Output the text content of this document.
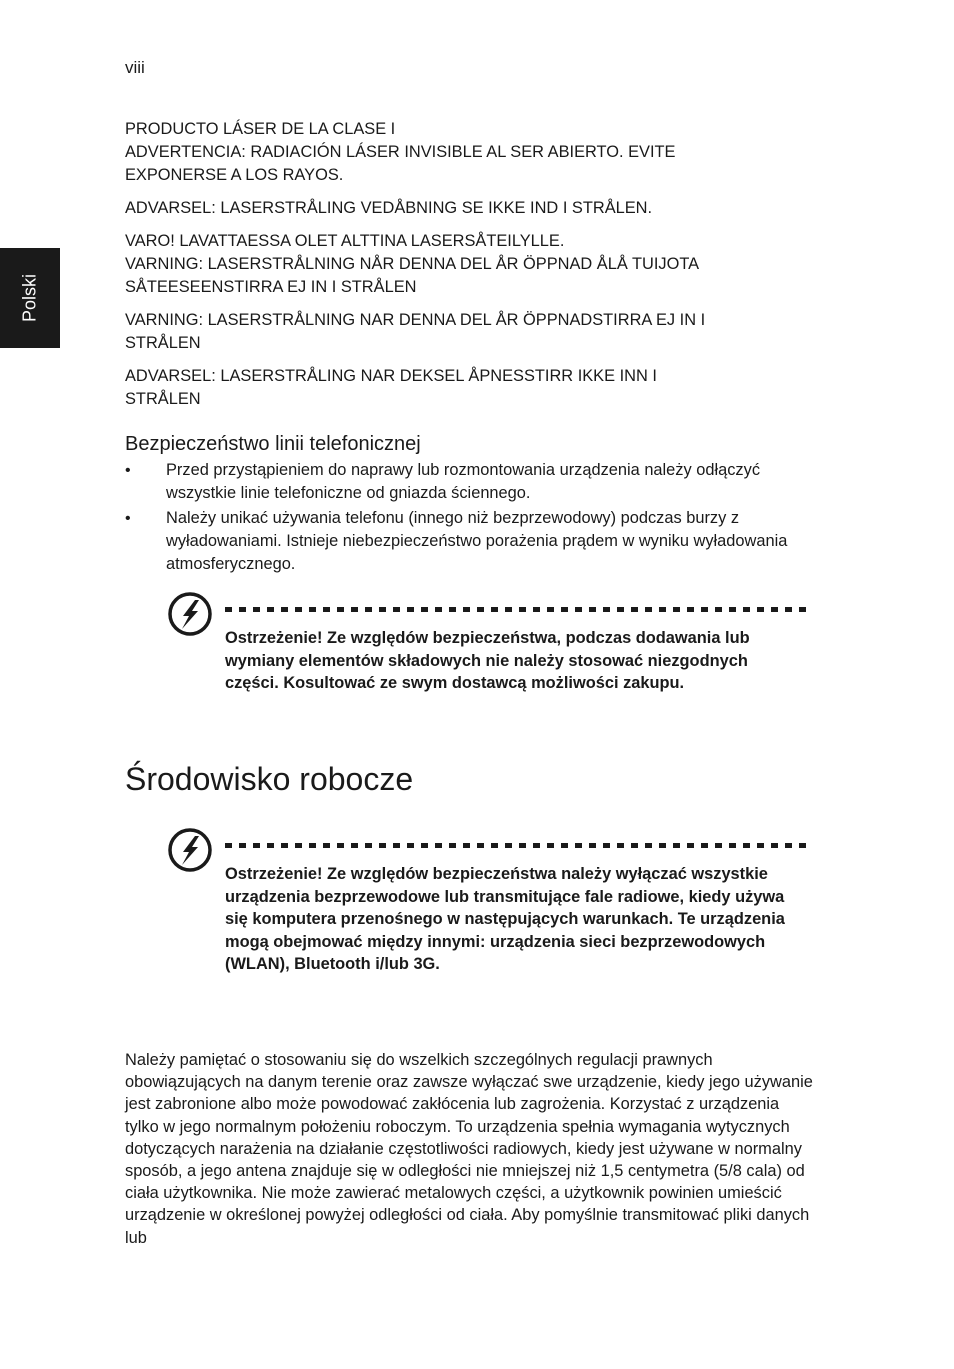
viii
Polski
PRODUCTO LÁSER DE LA CLASE I
ADVERTENCIA: RADIACIÓN LÁSER INVISIBLE AL SER ABIERTO. EVITE
EXPONERSE A LOS RAYOS.
ADVARSEL: LASERSTRÅLING VEDÅBNING SE IKKE IND I STRÅLEN.
VARO! LAVATTAESSA OLET ALTTINA LASERSÅTEILYLLE.
VARNING: LASERSTRÅLNING NÅR DENNA DEL ÅR ÖPPNAD ÅLÅ TUIJOTA
SÅTEESEENSTIRRA EJ IN I STRÅLEN
VARNING: LASERSTRÅLNING NAR DENNA DEL ÅR ÖPPNADSTIRRA EJ IN I
STRÅLEN
ADVARSEL: LASERSTRÅLING NAR DEKSEL ÅPNESSTIRR IKKE INN I
STRÅLEN
Bezpieczeństwo linii telefonicznej
• Przed przystąpieniem do naprawy lub rozmontowania urządzenia należy odłączyć wszystkie linie telefoniczne od gniazda ściennego.
• Należy unikać używania telefonu (innego niż bezprzewodowy) podczas burzy z wyładowaniami. Istnieje niebezpieczeństwo porażenia prądem w wyniku wyładowania atmosferycznego.
Ostrzeżenie! Ze względów bezpieczeństwa, podczas dodawania lub wymiany elementów składowych nie należy stosować niezgodnych części. Kosultować ze swym dostawcą możliwości zakupu.
Środowisko robocze
Ostrzeżenie! Ze względów bezpieczeństwa należy wyłączać wszystkie urządzenia bezprzewodowe lub transmitujące fale radiowe, kiedy używa się komputera przenośnego w następujących warunkach. Te urządzenia mogą obejmować między innymi: urządzenia sieci bezprzewodowych (WLAN), Bluetooth i/lub 3G.

Należy pamiętać o stosowaniu się do wszelkich szczególnych regulacji prawnych obowiązujących na danym terenie oraz zawsze wyłączać swe urządzenie, kiedy jego używanie jest zabronione albo może powodować zakłócenia lub zagrożenia. Korzystać z urządzenia tylko w jego normalnym położeniu roboczym. To urządzenia spełnia wymagania wytycznych dotyczących narażenia na działanie częstotliwości radiowych, kiedy jest używane w normalny sposób, a jego antena znajduje się w odległości nie mniejszej niż 1,5 centymetra (5/8 cala) od ciała użytkownika. Nie może zawierać metalowych części, a użytkownik powinien umieścić urządzenie w określonej powyżej odległości od ciała. Aby pomyślnie transmitować pliki danych lub
